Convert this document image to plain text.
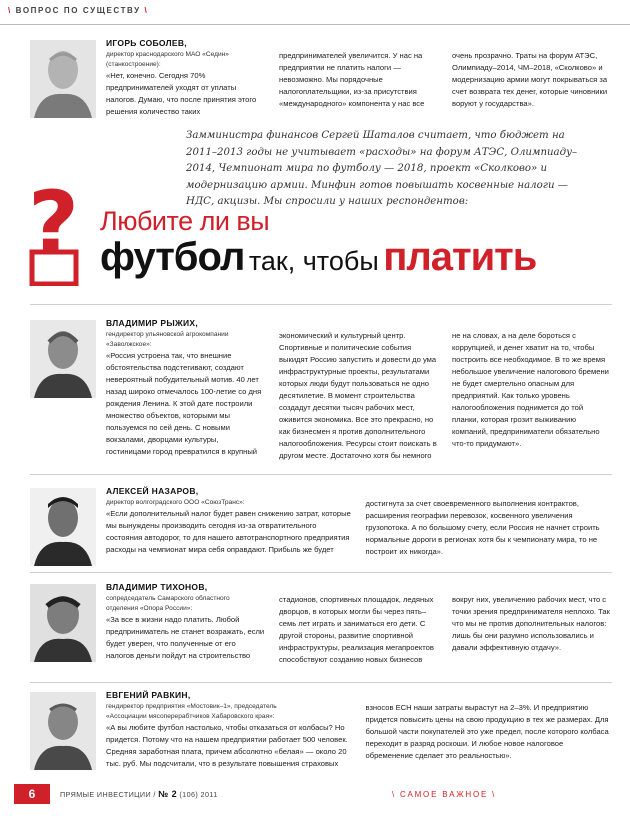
\ ВОПРОС ПО СУЩЕСТВУ \
ИГОРЬ СОБОЛЕВ,
директор краснодарского МАО «Седин»
(станкостроение):

«Нет, конечно. Сегодня 70% предпринимателей уходят от уплаты налогов. Думаю, что после принятия этого решения количество таких предпринимателей увеличится. У нас на предприятии не платить налоги — невозможно. Мы порядочные налогоплательщики, из-за присутствия «международного» компонента у нас все очень прозрачно. Траты на форум АТЭС, Олимпиаду–2014, ЧМ–2018, «Сколково» и модернизацию армии могут покрываться за счет возврата тех денег, которые чиновники воруют у государства».

Замминистра финансов Сергей Шаталов считает, что бюджет на 2011–2013 годы не учитывает «расходы» на форум АТЭС, Олимпиаду–2014, Чемпионат мира по футболу — 2018, проект «Сколково» и модернизацию армии. Минфин готов повышать косвенные налоги — НДС, акцизы. Мы спросили у наших респондентов:
? Любите ли вы
футбол так, чтобы платить
ВЛАДИМИР РЫЖИХ,
гендиректор ульяновской агрокомпании
«Заволжское»:

«Россия устроена так, что внешние обстоятельства подстегивают, создают невероятный побудительный мотив. 40 лет назад широко отмечалось 100-летие со дня рождения Ленина. К этой дате построили множество объектов, которыми мы пользуемся по сей день. С новыми вокзалами, дворцами культуры, гостиницами город превратился в крупный экономический и культурный центр. Спортивные и политические события выкидят Россию запустить и довести до ума инфраструктурные проекты, результатами которых люди будут пользоваться не одно десятилетие. В момент строительства создадут десятки тысяч рабочих мест, оживится экономика. Все это прекрасно, но как бизнесмен я против дополнительного налогообложения. Ресурсы стоит поискать в другом месте. Достаточно хотя бы немного не на словах, а на деле бороться с коррупцией, и денег хватит на то, чтобы построить все необходимое. В то же время небольшое увеличение налогового бремени не будет смертельно опасным для предприятий. Как только уровень налогообложения поднимется до той планки, которая грозит выживанию компаний, предприниматели обязательно что-то придумают».

АЛЕКСЕЙ НАЗАРОВ,
директор волгоградского ООО «СоюзТранс»:

«Если дополнительный налог будет равен снижению затрат, которые мы вынуждены производить сегодня из-за отвратительного состояния автодорог, то для нашего автотранспортного предприятия расходы на чемпионат мира себя оправдают. Прибыль же будет достигнута за счет своевременного выполнения контрактов, расширения географии перевозок, косвенного увеличения грузопотока. А по большому счету, если Россия не начнет строить нормальные дороги в регионах хотя бы к чемпионату мира, то не построит их никогда».

ВЛАДИМИР ТИХОНОВ,
сопредседатель Самарского областного
отделения «Опора России»:

«За все в жизни надо платить. Любой предприниматель не станет возражать, если будет уверен, что полученные от его налогов деньги пойдут на строительство стадионов, спортивных площадок, ледяных дворцов, в которых могли бы через пять–семь лет играть и заниматься его дети. С другой стороны, развитие спортивной инфраструктуры, реализация мегапроектов способствуют созданию новых бизнесов вокруг них, увеличению рабочих мест, что с точки зрения предпринимателя неплохо. Так что мы не против дополнительных налогов: лишь бы они разумно использовались и давали эффективную отдачу».

ЕВГЕНИЙ РАВКИН,
гендиректор предприятия «Мостовик–1», председатель
«Ассоциации мясоперерабтчиков Хабаровского края»:

«А вы любите футбол настолько, чтобы отказаться от колбасы? Но придется. Потому что на нашем предприятии работает 500 человек. Средняя заработная плата, причем абсолютно «белая» — около 20 тыс. руб. Мы подсчитали, что в результате повышения страховых взносов ЕСН наши затраты вырастут на 2–3%. И предприятию придется повысить цены на свою продукцию в тех же размерах. Для большой части покупателей это уже предел, после которого колбаса переходит в разряд роскоши. И любое новое налоговое обременение сделает это реальностью».

6	ПРЯМЫЕ ИНВЕСТИЦИИ / № 2 (106) 2011	\ САМОЕ ВАЖНОЕ \
